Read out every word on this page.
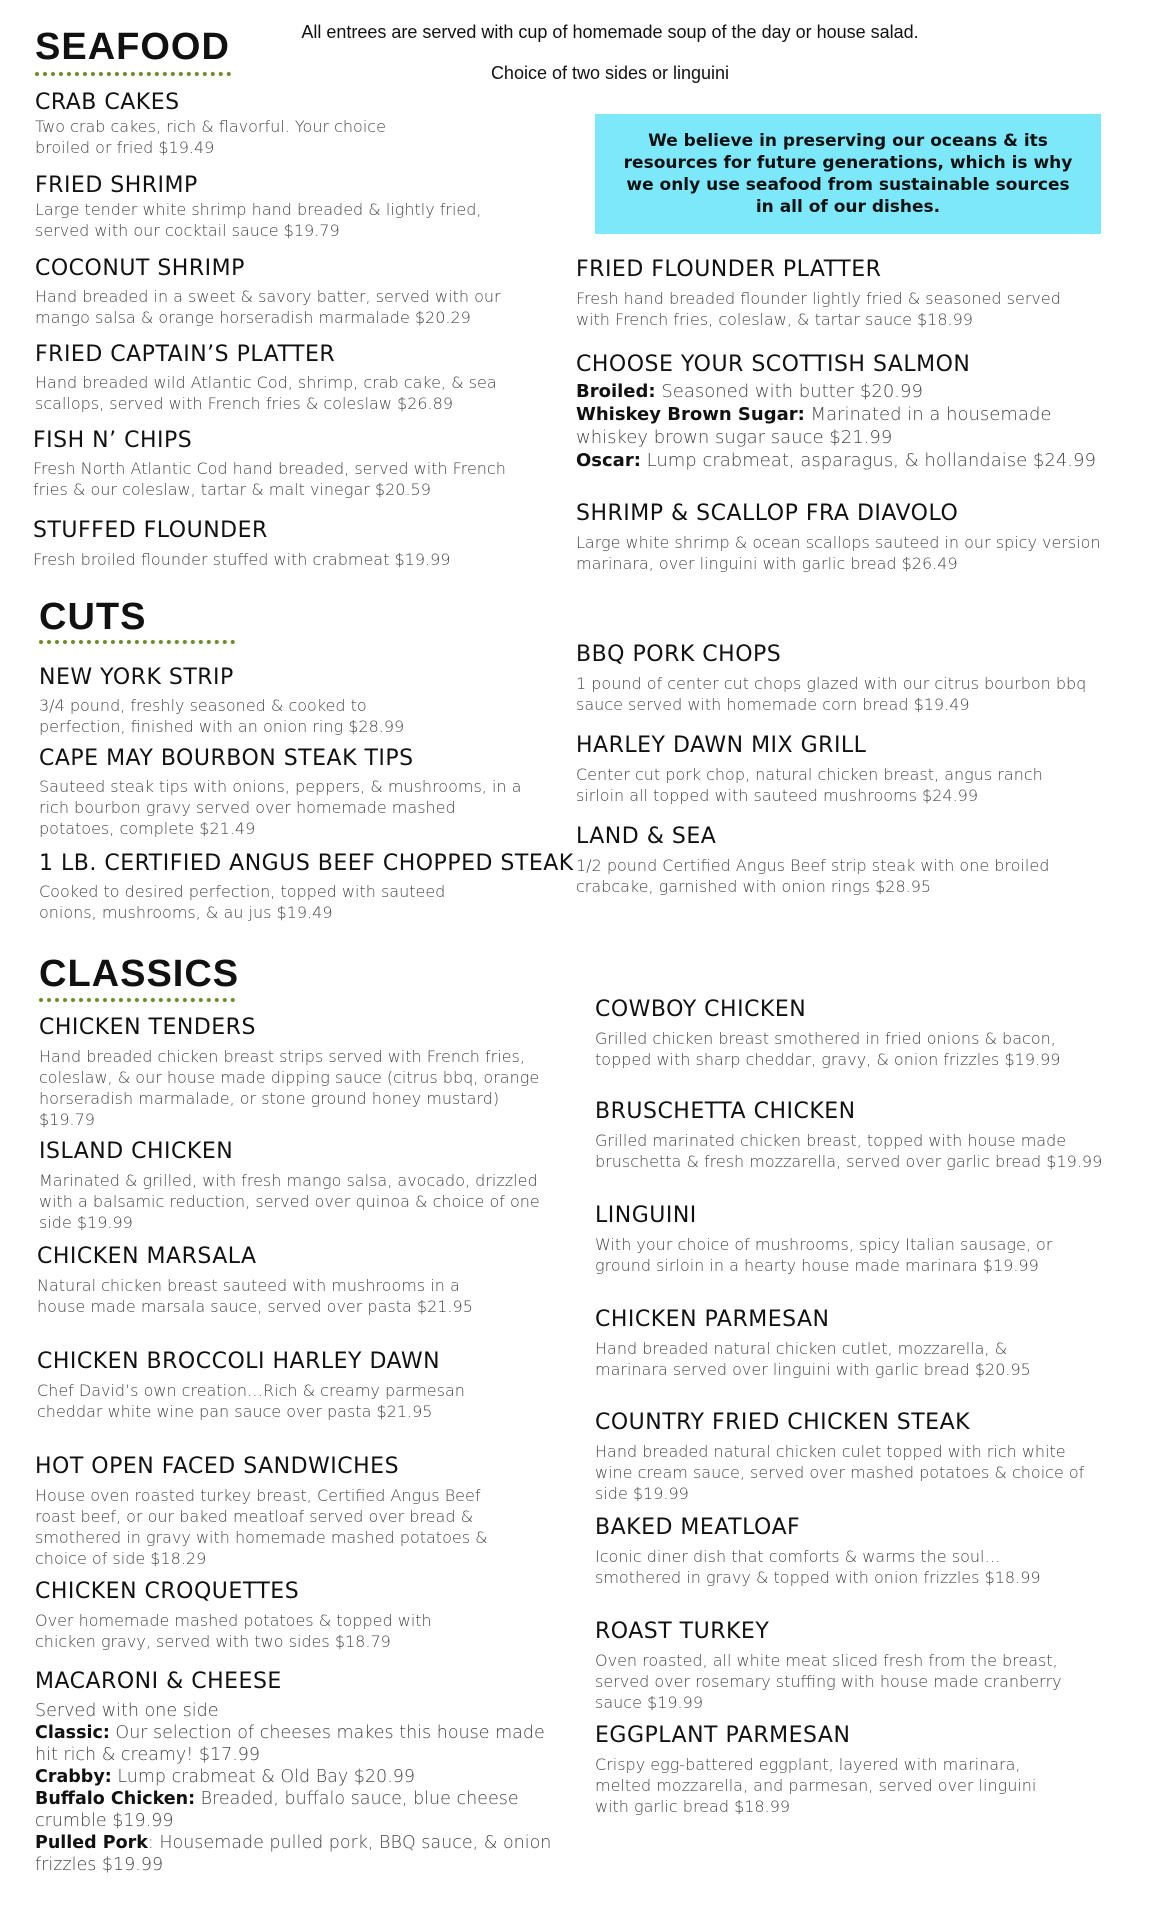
SEAFOOD	All entrees are served with cup of homemade soup of the day or house salad.
Choice of two sides or linguini
We believe in preserving our oceans & its resources for future generations, which is why we only use seafood from sustainable sources in all of our dishes.
CRAB CAKES
Two crab cakes, rich & flavorful. Your choice broiled or fried $19.49
FRIED SHRIMP
Large tender white shrimp hand breaded & lightly fried, served with our cocktail sauce $19.79
COCONUT SHRIMP
Hand breaded in a sweet & savory batter, served with our mango salsa & orange horseradish marmalade $20.29
FRIED CAPTAIN’S PLATTER
Hand breaded wild Atlantic Cod, shrimp, crab cake, & sea scallops, served with French fries & coleslaw $26.89
FISH N’ CHIPS
Fresh North Atlantic Cod hand breaded, served with French fries & our coleslaw, tartar & malt vinegar $20.59
STUFFED FLOUNDER
Fresh broiled flounder stuffed with crabmeat $19.99
FRIED FLOUNDER PLATTER
Fresh hand breaded flounder lightly fried & seasoned served with French fries, coleslaw, & tartar sauce $18.99
CHOOSE YOUR SCOTTISH SALMON
Broiled: Seasoned with butter $20.99
Whiskey Brown Sugar: Marinated in a housemade whiskey brown sugar sauce $21.99
Oscar: Lump crabmeat, asparagus, & hollandaise $24.99
SHRIMP & SCALLOP FRA DIAVOLO
Large white shrimp & ocean scallops sauteed in our spicy version marinara, over linguini with garlic bread $26.49
CUTS
NEW YORK STRIP
3/4 pound, freshly seasoned & cooked to perfection, finished with an onion ring $28.99
CAPE MAY BOURBON STEAK TIPS
Sauteed steak tips with onions, peppers, & mushrooms, in a rich bourbon gravy served over homemade mashed potatoes, complete $21.49
1 LB. CERTIFIED ANGUS BEEF CHOPPED STEAK
Cooked to desired perfection, topped with sauteed onions, mushrooms, & au jus $19.49
BBQ PORK CHOPS
1 pound of center cut chops glazed with our citrus bourbon bbq sauce served with homemade corn bread $19.49
HARLEY DAWN MIX GRILL
Center cut pork chop, natural chicken breast, angus ranch sirloin all topped with sauteed mushrooms $24.99
LAND & SEA
1/2 pound Certified Angus Beef strip steak with one broiled crabcake, garnished with onion rings $28.95
CLASSICS
CHICKEN TENDERS
Hand breaded chicken breast strips served with French fries, coleslaw, & our house made dipping sauce (citrus bbq, orange horseradish marmalade, or stone ground honey mustard) $19.79
ISLAND CHICKEN
Marinated & grilled, with fresh mango salsa, avocado, drizzled with a balsamic reduction, served over quinoa & choice of one side $19.99
CHICKEN MARSALA
Natural chicken breast sauteed with mushrooms in a house made marsala sauce, served over pasta $21.95
CHICKEN BROCCOLI HARLEY DAWN
Chef David’s own creation…Rich & creamy parmesan cheddar white wine pan sauce over pasta $21.95
HOT OPEN FACED SANDWICHES
House oven roasted turkey breast, Certified Angus Beef roast beef, or our baked meatloaf served over bread & smothered in gravy with homemade mashed potatoes & choice of side $18.29
CHICKEN CROQUETTES
Over homemade mashed potatoes & topped with chicken gravy, served with two sides $18.79
MACARONI & CHEESE
Served with one side
Classic: Our selection of cheeses makes this house made hit rich & creamy! $17.99
Crabby: Lump crabmeat & Old Bay $20.99
Buffalo Chicken: Breaded, buffalo sauce, blue cheese crumble $19.99
Pulled Pork: Housemade pulled pork, BBQ sauce, & onion frizzles $19.99
COWBOY CHICKEN
Grilled chicken breast smothered in fried onions & bacon, topped with sharp cheddar, gravy, & onion frizzles $19.99
BRUSCHETTA CHICKEN
Grilled marinated chicken breast, topped with house made bruschetta & fresh mozzarella, served over garlic bread $19.99
LINGUINI
With your choice of mushrooms, spicy Italian sausage, or ground sirloin in a hearty house made marinara $19.99
CHICKEN PARMESAN
Hand breaded natural chicken cutlet, mozzarella, & marinara served over linguini with garlic bread $20.95
COUNTRY FRIED CHICKEN STEAK
Hand breaded natural chicken culet topped with rich white wine cream sauce, served over mashed potatoes & choice of side $19.99
BAKED MEATLOAF
Iconic diner dish that comforts & warms the soul…smothered in gravy & topped with onion frizzles $18.99
ROAST TURKEY
Oven roasted, all white meat sliced fresh from the breast, served over rosemary stuffing with house made cranberry sauce $19.99
EGGPLANT PARMESAN
Crispy egg-battered eggplant, layered with marinara, melted mozzarella, and parmesan, served over linguini with garlic bread $18.99
